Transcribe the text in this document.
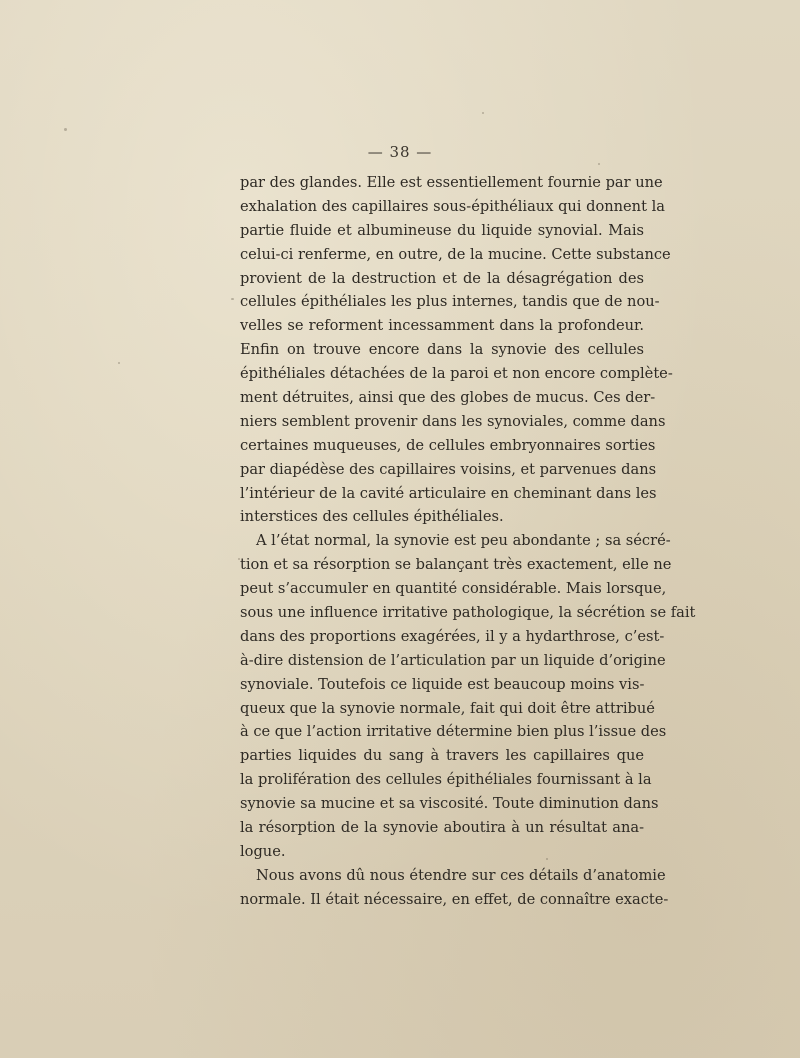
— 38 —
par des glandes. Elle est essentiellement fournie par une
exhalation des capillaires sous-épithéliaux qui donnent la
partie fluide et albumineuse du liquide synovial. Mais
celui-ci renferme, en outre, de la mucine. Cette substance
provient de la destruction et de la désagrégation des
cellules épithéliales les plus internes, tandis que de nou-
velles se reforment incessamment dans la profondeur.
Enfin on trouve encore dans la synovie des cellules
épithéliales détachées de la paroi et non encore complète-
ment détruites, ainsi que des globes de mucus. Ces der-
niers semblent provenir dans les synoviales, comme dans
certaines muqueuses, de cellules embryonnaires sorties
par diapédèse des capillaires voisins, et parvenues dans
l’intérieur de la cavité articulaire en cheminant dans les
interstices des cellules épithéliales.
A l’état normal, la synovie est peu abondante ; sa sécré-
tion et sa résorption se balançant très exactement, elle ne
peut s’accumuler en quantité considérable. Mais lorsque,
sous une influence irritative pathologique, la sécrétion se fait
dans des proportions exagérées, il y a hydarthrose, c’est-
à-dire distension de l’articulation par un liquide d’origine
synoviale. Toutefois ce liquide est beaucoup moins vis-
queux que la synovie normale, fait qui doit être attribué
à ce que l’action irritative détermine bien plus l’issue des
parties liquides du sang à travers les capillaires que
la prolifération des cellules épithéliales fournissant à la
synovie sa mucine et sa viscosité. Toute diminution dans
la résorption de la synovie aboutira à un résultat ana-
logue.
Nous avons dû nous étendre sur ces détails d’anatomie
normale. Il était nécessaire, en effet, de connaître exacte-
